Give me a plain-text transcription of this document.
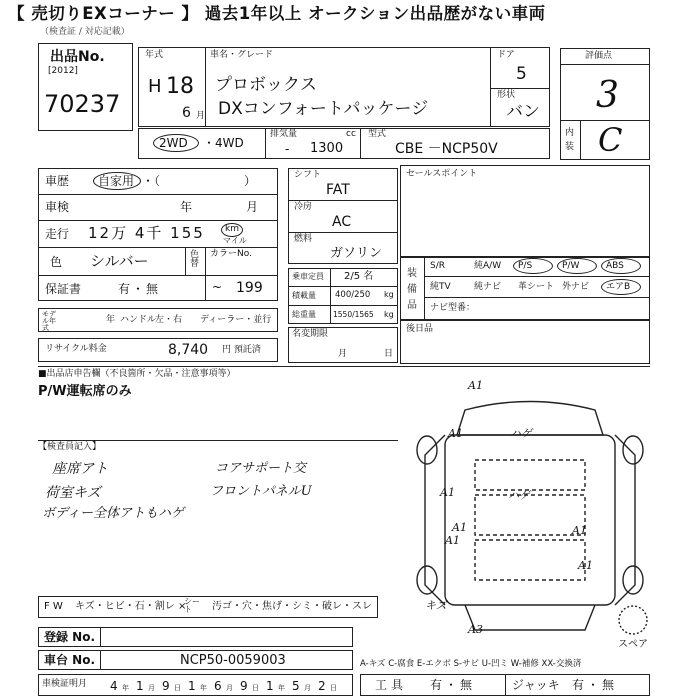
【 売切りEXコーナー 】 過去1年以上 オークション出品歴がない車両
（検査証 / 対応記載）
出品No.
[2012]
70237
年式
H 18
6 月
車名・グレード
プロボックス
DXコンフォートパッケージ
ドア
5
形状
バン
評価点
3
内装 C
2WD ・4WD
排気量	cc
- 1300
型式
CBE －NCP50V
車歴 自家用 ・（　　　　　　　）
車検	年	月
走行 12万 4千 155 km
マイル
色 シルバー	色替
カラーNo.
~ 199
保証書	有・無
モデル年式
年 ハンドル
左・右 ディーラー・並行
リサイクル料金	8,740 円 預託済
シフト
FAT
冷房
AC
燃料
ガソリン
乗車定員 2/5 名
積載量 400/250 kg
総重量 1550/1565 kg
名変期限
月	日
セールスポイント
装備品
S/R	純A/W P/S	P/W	ABS
純TV	純ナビ 革シート 外ナビ エアB
ナビ型番：
後日品
■出品店申告欄（不良箇所・欠品・注意事項等）
P/W運転席のみ
【検査員記入】
座席アト
荷室キズ
ボディー全体アトもハゲ
コアサポート交
フロントパネルU
A1
A1	ハゲ
A1	ハゲ
A1
A1
A1
A1
キズ
A3
スペア
F W キズ・ヒビ・石・割レ ×
シート	汚ゴ・穴・焦げ・シミ・破レ・スレ
登録 No.
車台 No.	NCP50-0059003
車検証明月 4 年 1 月 9 日 1 年 6 月 9 日 1 年 5 月 2 日
A-キズ C-腐食 E-エクボ S-サビ U-凹ミ W-補修 XX-交換済
工具 有・無	ジャッキ 有・無
